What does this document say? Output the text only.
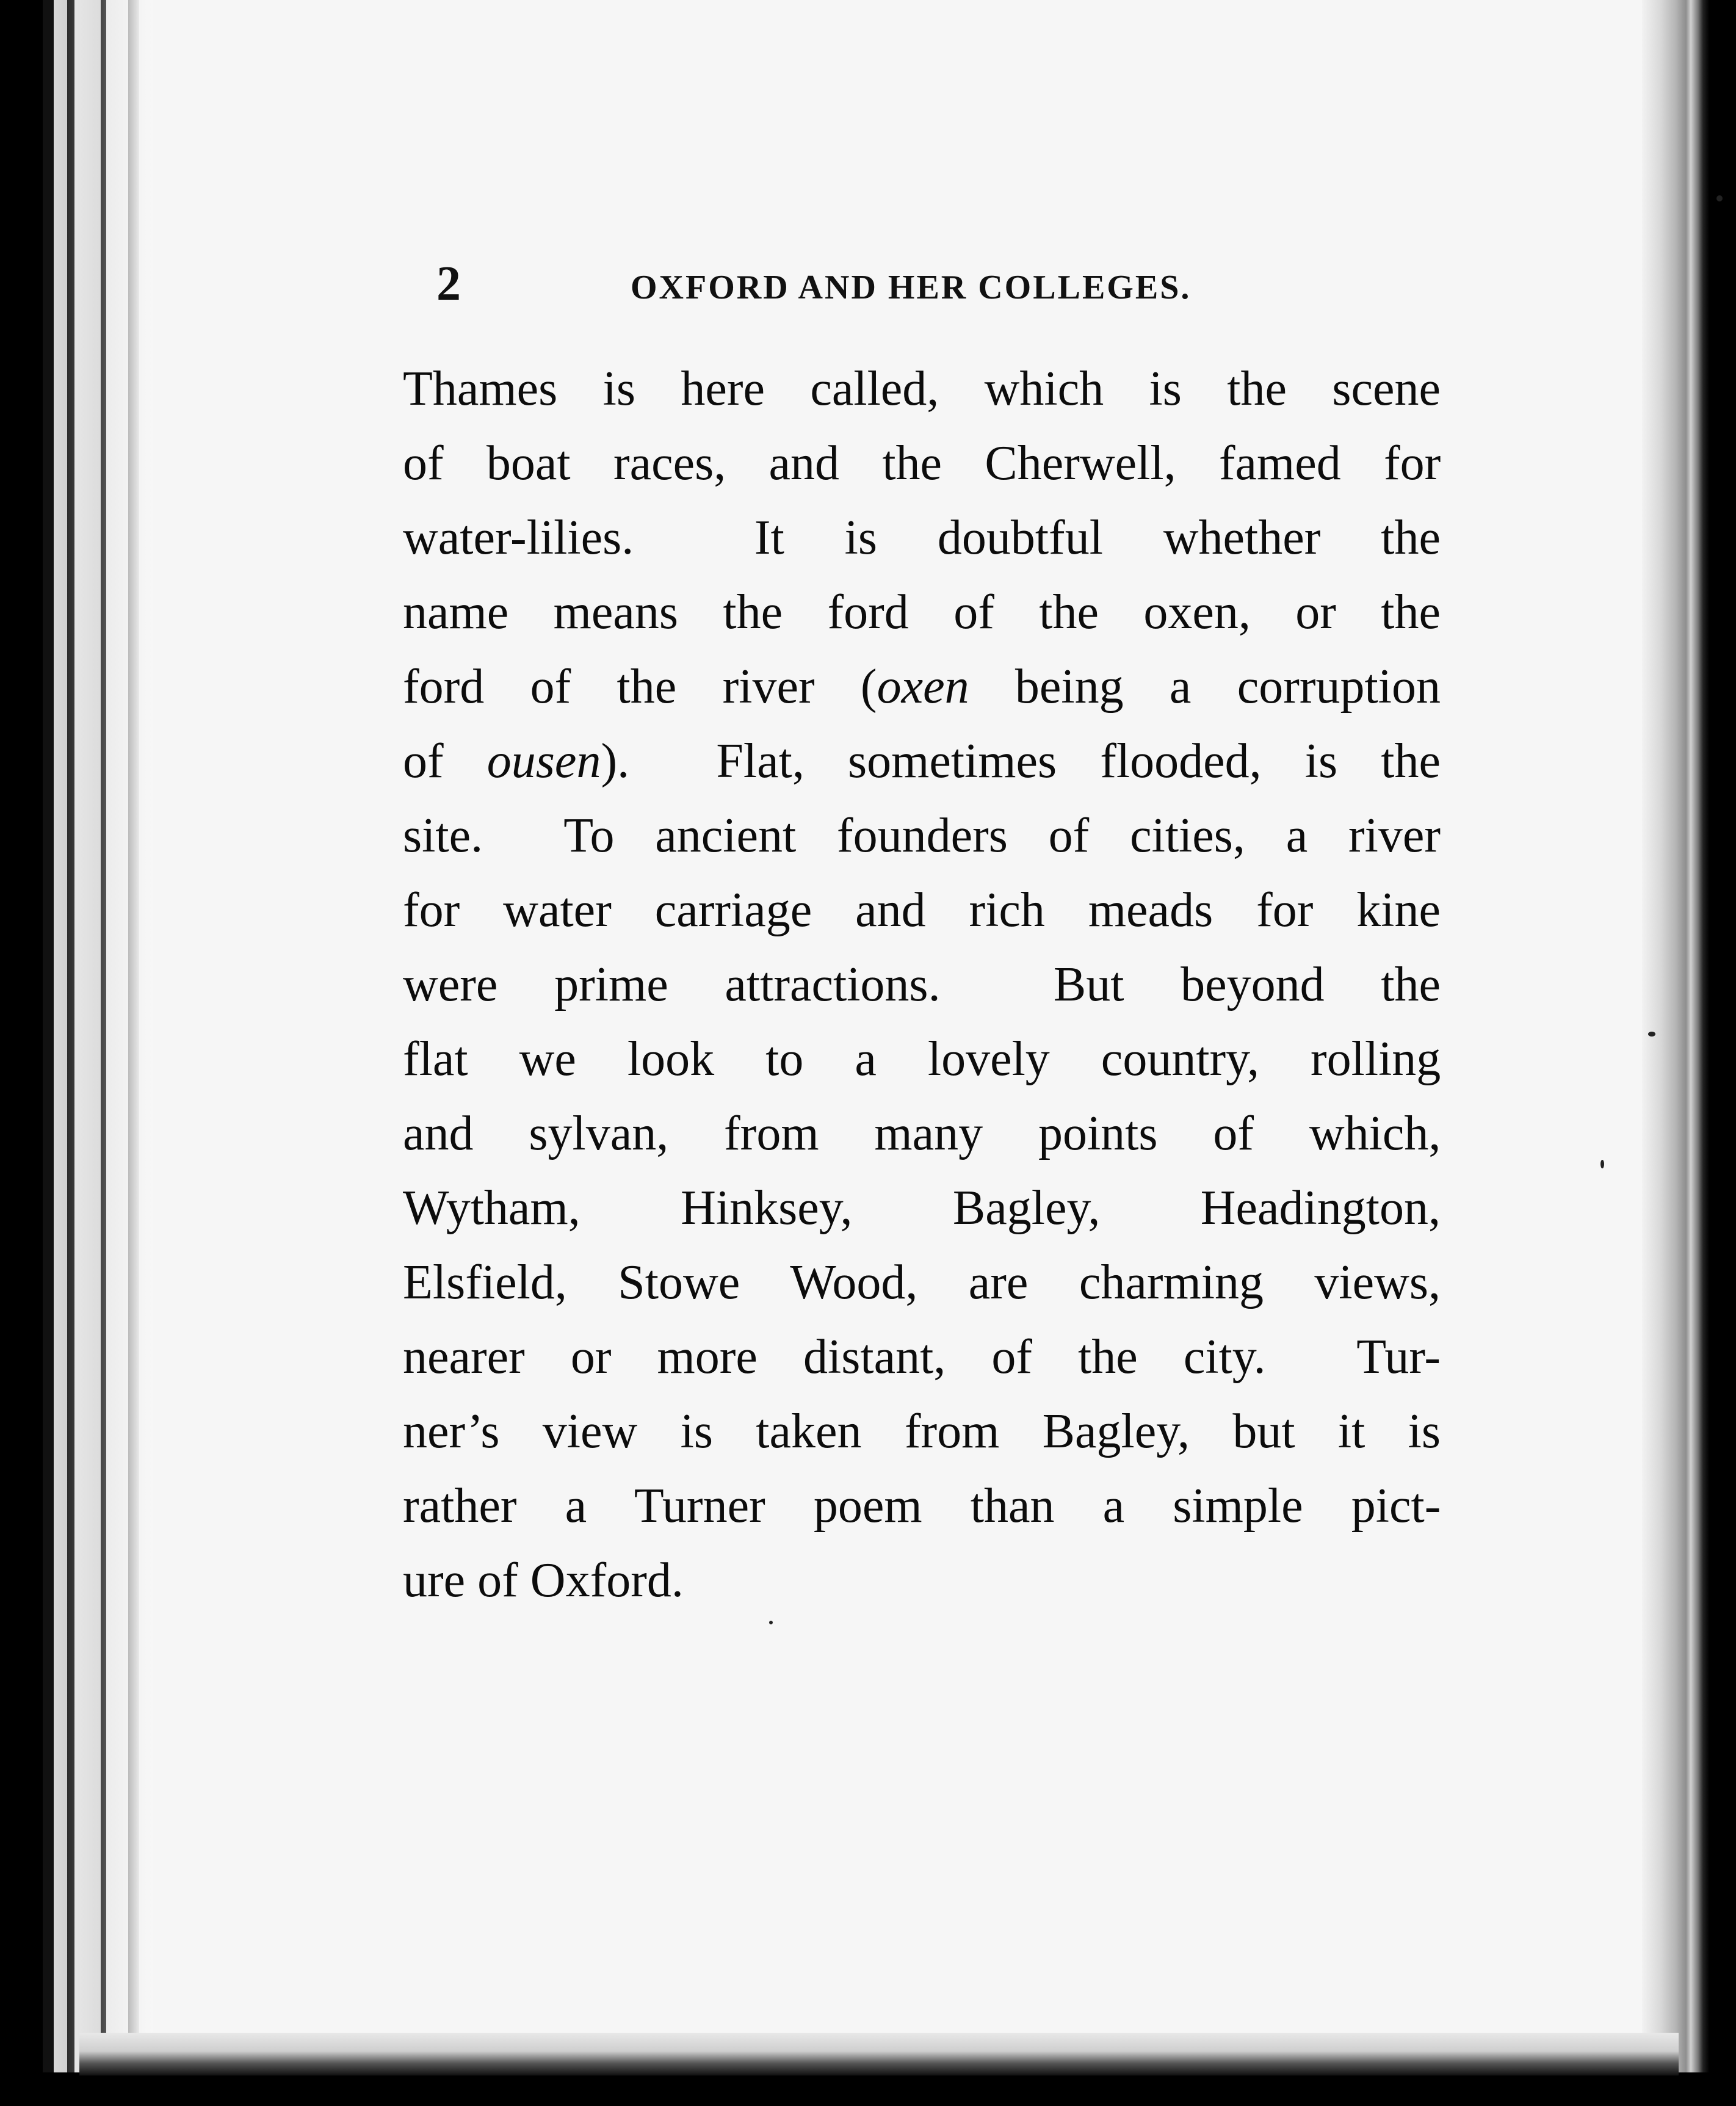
2	OXFORD AND HER COLLEGES.
Thames is here called, which is the scene
of boat races, and the Cherwell, famed for
water-lilies.  It is doubtful whether the
name means the ford of the oxen, or the
ford of the river (oxen being a corruption
of ousen).  Flat, sometimes flooded, is the
site.  To ancient founders of cities, a river
for water carriage and rich meads for kine
were prime attractions.  But beyond the
flat we look to a lovely country, rolling
and sylvan, from many points of which,
Wytham, Hinksey, Bagley, Headington,
Elsfield, Stowe Wood, are charming views,
nearer or more distant, of the city.  Tur-
ner’s view is taken from Bagley, but it is
rather a Turner poem than a simple pict-
ure of Oxford.
